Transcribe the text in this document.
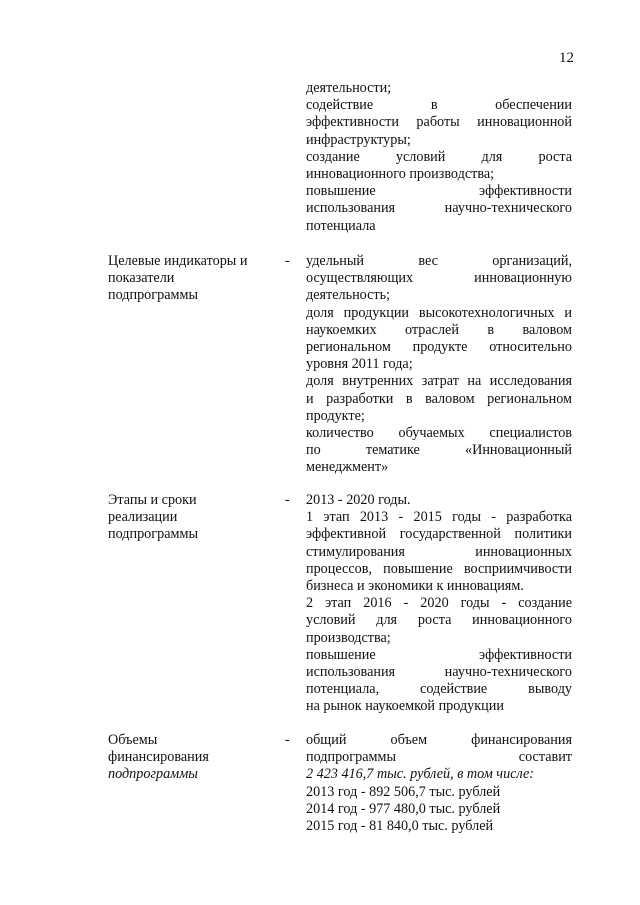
12
деятельности;
содействие в обеспечении
эффективности работы инновационной
инфраструктуры;
создание условий для роста
инновационного производства;
повышение эффективности
использования научно-технического
потенциала
Целевые индикаторы и
показатели
подпрограммы
- удельный вес организаций,
осуществляющих инновационную
деятельность;
доля продукции высокотехнологичных и
наукоемких отраслей в валовом
региональном продукте относительно
уровня 2011 года;
доля внутренних затрат на исследования
и разработки в валовом региональном
продукте;
количество обучаемых специалистов
по тематике «Инновационный
менеджмент»
Этапы и сроки
реализации
подпрограммы
- 2013 - 2020 годы.
1 этап 2013 - 2015 годы - разработка
эффективной государственной политики
стимулирования инновационных
процессов, повышение восприимчивости
бизнеса и экономики к инновациям.
2 этап 2016 - 2020 годы - создание
условий для роста инновационного
производства;
повышение эффективности
использования научно-технического
потенциала, содействие выводу
на рынок наукоемкой продукции
Объемы
финансирования
подпрограммы
- общий объем финансирования
подпрограммы составит
2 423 416,7 тыс. рублей, в том числе:
2013 год - 892 506,7 тыс. рублей
2014 год - 977 480,0 тыс. рублей
2015 год - 81 840,0 тыс. рублей
